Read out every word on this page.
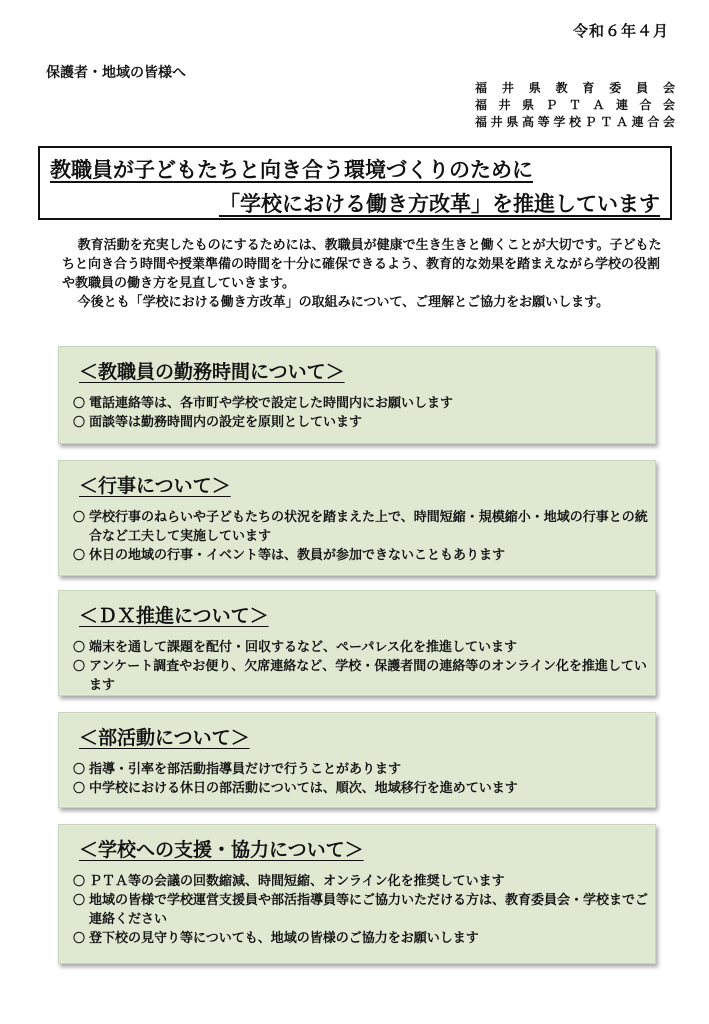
令和６年４月
保護者・地域の皆様へ
福井県教育委員会
福井県ＰＴＡ連合会
福井県高等学校ＰＴＡ連合会
教職員が子どもたちと向き合う環境づくりのために
「学校における働き方改革」を推進しています

教育活動を充実したものにするためには、教職員が健康で生き生きと働くことが大切です。子どもたちと向き合う時間や授業準備の時間を十分に確保できるよう、教育的な効果を踏まえながら学校の役割や教職員の働き方を見直していきます。

今後とも「学校における働き方改革」の取組みについて、ご理解とご協力をお願いします。

＜教職員の勤務時間について＞
〇 電話連絡等は、各市町や学校で設定した時間内にお願いします
〇 面談等は勤務時間内の設定を原則としています
＜行事について＞
〇 学校行事のねらいや子どもたちの状況を踏まえた上で、時間短縮・規模縮小・地域の行事との統合など工夫して実施しています
〇 休日の地域の行事・イベント等は、教員が参加できないこともあります
＜ＤＸ推進について＞
〇 端末を通して課題を配付・回収するなど、ペーパレス化を推進しています
〇 アンケート調査やお便り、欠席連絡など、学校・保護者間の連絡等のオンライン化を推進しています
＜部活動について＞
〇 指導・引率を部活動指導員だけで行うことがあります
〇 中学校における休日の部活動については、順次、地域移行を進めています
＜学校への支援・協力について＞
〇 ＰＴＡ等の会議の回数縮減、時間短縮、オンライン化を推奨しています
〇 地域の皆様で学校運営支援員や部活指導員等にご協力いただける方は、教育委員会・学校までご連絡ください
〇 登下校の見守り等についても、地域の皆様のご協力をお願いします
